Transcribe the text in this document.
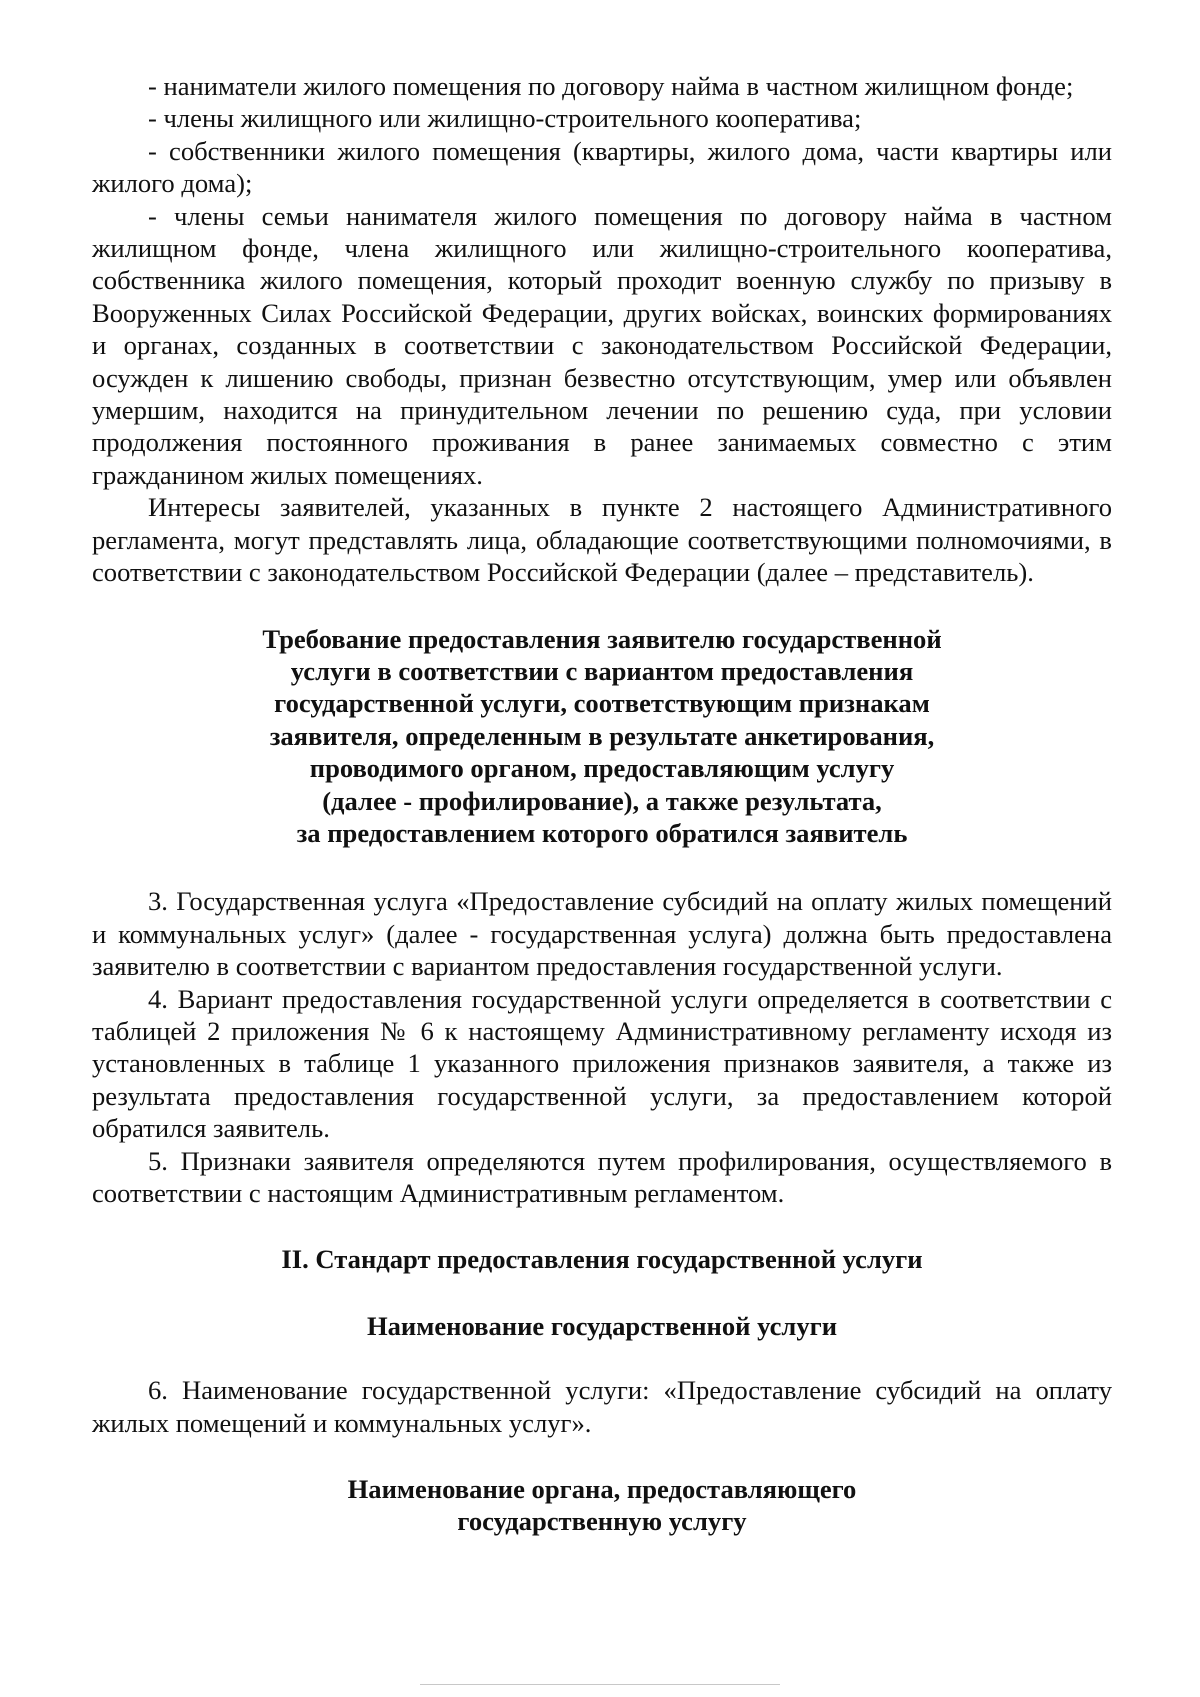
- наниматели жилого помещения по договору найма в частном жилищном фонде;

- члены жилищного или жилищно-строительного кооператива;

- собственники жилого помещения (квартиры, жилого дома, части квартиры или жилого дома);

- члены семьи нанимателя жилого помещения по договору найма в частном жилищном фонде, члена жилищного или жилищно-строительного кооператива, собственника жилого помещения, который проходит военную службу по призыву в Вооруженных Силах Российской Федерации, других войсках, воинских формированиях и органах, созданных в соответствии с законодательством Российской Федерации, осужден к лишению свободы, признан безвестно отсутствующим, умер или объявлен умершим, находится на принудительном лечении по решению суда, при условии продолжения постоянного проживания в ранее занимаемых совместно с этим гражданином жилых помещениях.

Интересы заявителей, указанных в пункте 2 настоящего Административного регламента, могут представлять лица, обладающие соответствующими полномочиями, в соответствии с законодательством Российской Федерации (далее – представитель).

Требование предоставления заявителю государственной
услуги в соответствии с вариантом предоставления
государственной услуги, соответствующим признакам
заявителя, определенным в результате анкетирования,
проводимого органом, предоставляющим услугу
(далее - профилирование), а также результата,
за предоставлением которого обратился заявитель

3. Государственная услуга «Предоставление субсидий на оплату жилых помещений и коммунальных услуг» (далее - государственная услуга) должна быть предоставлена заявителю в соответствии с вариантом предоставления государственной услуги.

4. Вариант предоставления государственной услуги определяется в соответствии с таблицей 2 приложения № 6 к настоящему Административному регламенту исходя из установленных в таблице 1 указанного приложения признаков заявителя, а также из результата предоставления государственной услуги, за предоставлением которой обратился заявитель.

5. Признаки заявителя определяются путем профилирования, осуществляемого в соответствии с настоящим Административным регламентом.

II. Стандарт предоставления государственной услуги
Наименование государственной услуги

6. Наименование государственной услуги: «Предоставление субсидий на оплату жилых помещений и коммунальных услуг».

Наименование органа, предоставляющего
государственную услугу
